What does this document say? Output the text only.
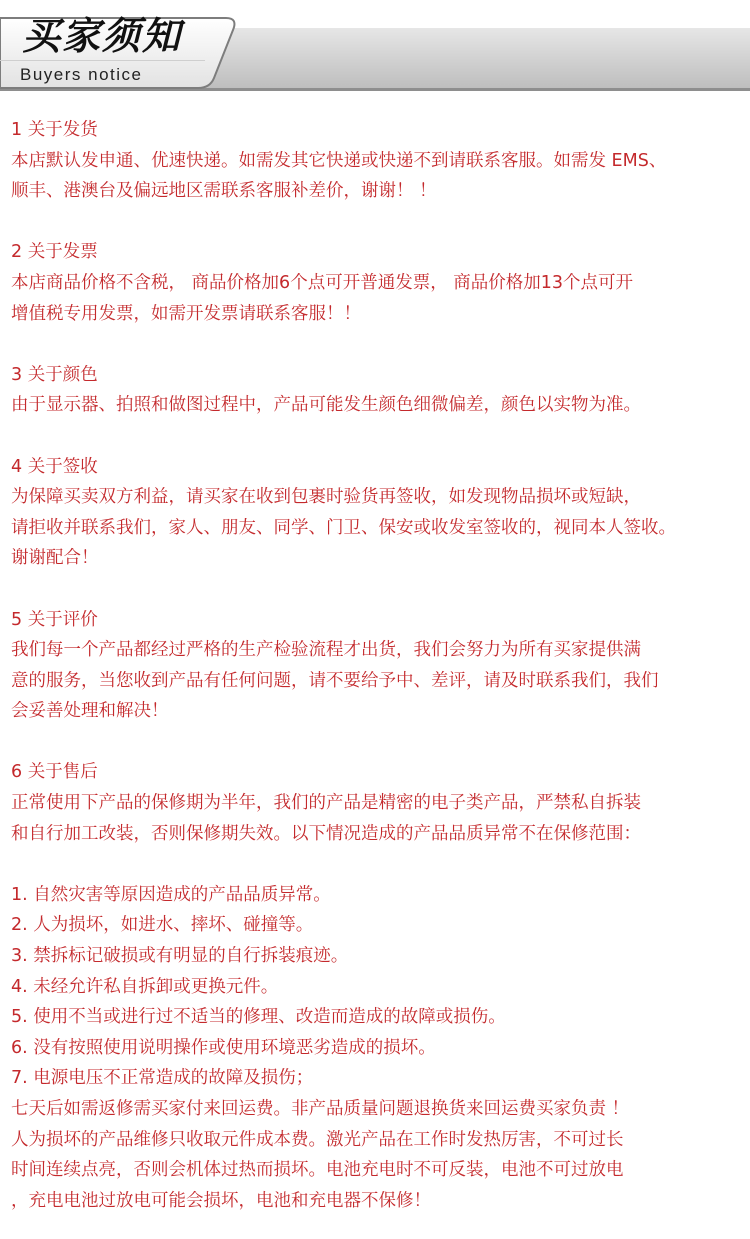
买家须知
Buyers notice
1 关于发货
本店默认发申通、优速快递。如需发其它快递或快递不到请联系客服。如需发 EMS、
顺丰、港澳台及偏远地区需联系客服补差价，谢谢！ ！
2 关于发票
本店商品价格不含税， 商品价格加6个点可开普通发票， 商品价格加13个点可开
增值税专用发票，如需开发票请联系客服！！
3 关于颜色
由于显示器、拍照和做图过程中，产品可能发生颜色细微偏差，颜色以实物为准。
4 关于签收
为保障买卖双方利益，请买家在收到包裹时验货再签收，如发现物品损坏或短缺，
请拒收并联系我们，家人、朋友、同学、门卫、保安或收发室签收的，视同本人签收。
谢谢配合！
5 关于评价
我们每一个产品都经过严格的生产检验流程才出货，我们会努力为所有买家提供满
意的服务，当您收到产品有任何问题，请不要给予中、差评，请及时联系我们，我们
会妥善处理和解决！
6 关于售后
正常使用下产品的保修期为半年，我们的产品是精密的电子类产品，严禁私自拆装
和自行加工改装，否则保修期失效。以下情况造成的产品品质异常不在保修范围：
1. 自然灾害等原因造成的产品品质异常。
2. 人为损坏，如进水、摔坏、碰撞等。
3. 禁拆标记破损或有明显的自行拆装痕迹。
4. 未经允许私自拆卸或更换元件。
5. 使用不当或进行过不适当的修理、改造而造成的故障或损伤。
6. 没有按照使用说明操作或使用环境恶劣造成的损坏。
7. 电源电压不正常造成的故障及损伤；
七天后如需返修需买家付来回运费。非产品质量问题退换货来回运费买家负责 ！
人为损坏的产品维修只收取元件成本费。激光产品在工作时发热厉害，不可过长
时间连续点亮，否则会机体过热而损坏。电池充电时不可反装，电池不可过放电
，充电电池过放电可能会损坏，电池和充电器不保修！
